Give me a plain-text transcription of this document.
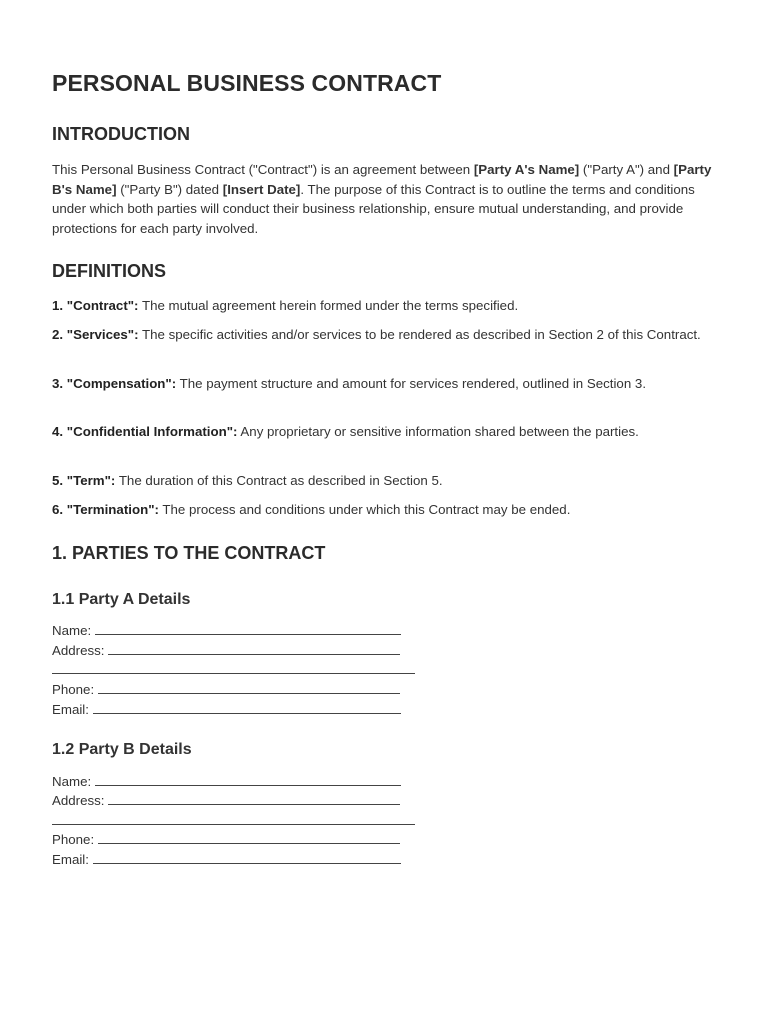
PERSONAL BUSINESS CONTRACT
INTRODUCTION

This Personal Business Contract ("Contract") is an agreement between [Party A's Name] ("Party A") and [Party B's Name] ("Party B") dated [Insert Date]. The purpose of this Contract is to outline the terms and conditions under which both parties will conduct their business relationship, ensure mutual understanding, and provide protections for each party involved.

DEFINITIONS

1. "Contract": The mutual agreement herein formed under the terms specified.

2. "Services": The specific activities and/or services to be rendered as described in Section 2 of this Contract.

3. "Compensation": The payment structure and amount for services rendered, outlined in Section 3.

4. "Confidential Information": Any proprietary or sensitive information shared between the parties.

5. "Term": The duration of this Contract as described in Section 5.

6. "Termination": The process and conditions under which this Contract may be ended.

1. PARTIES TO THE CONTRACT
1.1 Party A Details

Name:

Address:

Phone:

Email:

1.2 Party B Details

Name:

Address:

Phone:

Email:
